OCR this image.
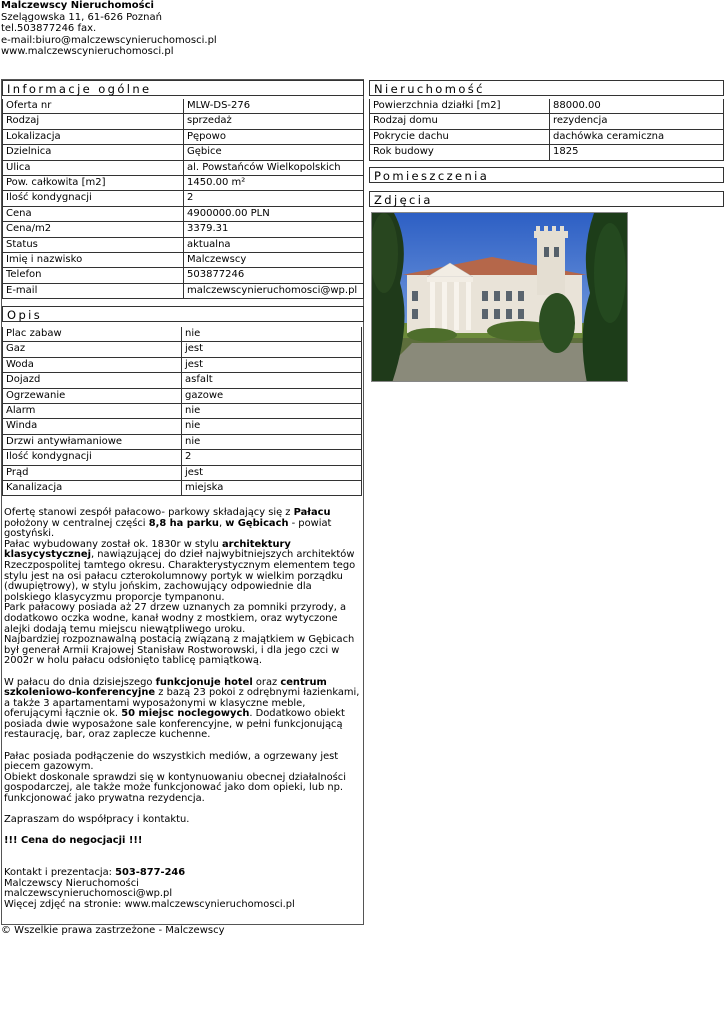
Malczewscy Nieruchomości
Szelągowska 11, 61-626 Poznań
tel.503877246 fax.
e-mail:biuro@malczewscynieruchomosci.pl
www.malczewscynieruchomosci.pl
Informacje ogólne
Oferta nr	MLW-DS-276
Rodzaj	sprzedaż
Lokalizacja	Pępowo
Dzielnica	Gębice
Ulica	al. Powstańców Wielkopolskich
Pow. całkowita [m2]	1450.00 m²
Ilość kondygnacji	2
Cena	4900000.00 PLN
Cena/m2	3379.31
Status	aktualna
Imię i nazwisko	Malczewscy
Telefon	503877246
E-mail	malczewscynieruchomosci@wp.pl
Opis
Plac zabaw	nie
Gaz	jest
Woda	jest
Dojazd	asfalt
Ogrzewanie	gazowe
Alarm	nie
Winda	nie
Drzwi antywłamaniowe	nie
Ilość kondygnacji	2
Prąd	jest
Kanalizacja	miejska

Ofertę stanowi zespół pałacowo- parkowy składający się z Pałacu położony w centralnej części 8,8 ha parku, w Gębicach - powiat gostyński.

Pałac wybudowany został ok. 1830r w stylu architektury klasycystycznej, nawiązującej do dzieł najwybitniejszych architektów Rzeczpospolitej tamtego okresu. Charakterystycznym elementem tego stylu jest na osi pałacu czterokolumnowy portyk w wielkim porządku (dwupiętrowy), w stylu jońskim, zachowujący odpowiednie dla polskiego klasycyzmu proporcje tympanonu.

Park pałacowy posiada aż 27 drzew uznanych za pomniki przyrody, a dodatkowo oczka wodne, kanał wodny z mostkiem, oraz wytyczone alejki dodają temu miejscu niewątpliwego uroku.

Najbardziej rozpoznawalną postacią związaną z majątkiem w Gębicach był generał Armii Krajowej Stanisław Rostworowski, i dla jego czci w 2002r w holu pałacu odsłonięto tablicę pamiątkową.

W pałacu do dnia dzisiejszego funkcjonuje hotel oraz centrum szkoleniowo-konferencyjne z bazą 23 pokoi z odrębnymi łazienkami, a także 3 apartamentami wyposażonymi w klasyczne meble, oferującymi łącznie ok. 50 miejsc noclegowych. Dodatkowo obiekt posiada dwie wyposażone sale konferencyjne, w pełni funkcjonującą restaurację, bar, oraz zaplecze kuchenne.

Pałac posiada podłączenie do wszystkich mediów, a ogrzewany jest piecem gazowym.

Obiekt doskonale sprawdzi się w kontynuowaniu obecnej działalności gospodarczej, ale także może funkcjonować jako dom opieki, lub np. funkcjonować jako prywatna rezydencja.

Zapraszam do współpracy i kontaktu.

!!! Cena do negocjacji !!!

Kontakt i prezentacja: 503-877-246

Malczewscy Nieruchomości

malczewscynieruchomosci@wp.pl

Więcej zdjęć na stronie: www.malczewscynieruchomosci.pl

Nieruchomość
Powierzchnia działki [m2]	88000.00
Rodzaj domu	rezydencja
Pokrycie dachu	dachówka ceramiczna
Rok budowy	1825
Pomieszczenia
Zdjęcia
© Wszelkie prawa zastrzeżone - Malczewscy
